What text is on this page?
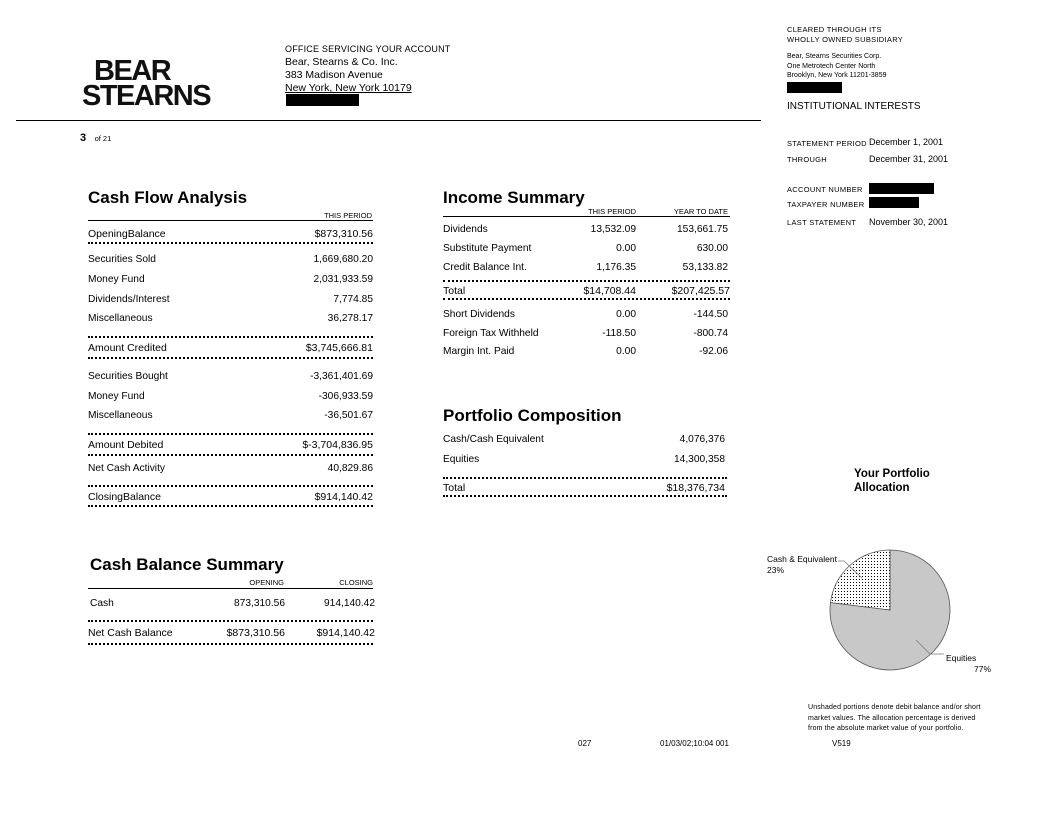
BEAR
STEARNS
OFFICE SERVICING YOUR ACCOUNT
Bear, Stearns & Co. Inc.
383 Madison Avenue
New York, New York 10179
3 of 21
CLEARED THROUGH ITS
WHOLLY OWNED SUBSIDIARY
Bear, Stearns Securities Corp.
One Metrotech Center North
Brooklyn, New York 11201-3859
INSTITUTIONAL INTERESTS
STATEMENT PERIOD December 1, 2001
THROUGH	December 31, 2001
ACCOUNT NUMBER
TAXPAYER NUMBER
LAST STATEMENT November 30, 2001
Cash Flow Analysis
THIS PERIOD
OpeningBalance	$873,310.56
Securities Sold	1,669,680.20
Money Fund	2,031,933.59
Dividends/Interest	7,774.85
Miscellaneous	36,278.17
Amount Credited	$3,745,666.81
Securities Bought	-3,361,401.69
Money Fund	-306,933.59
Miscellaneous	-36,501.67
Amount Debited	$-3,704,836.95
Net Cash Activity	40,829.86
ClosingBalance	$914,140.42
Income Summary
THIS PERIOD	YEAR TO DATE
Dividends	13,532.09	153,661.75
Substitute Payment	0.00	630.00
Credit Balance Int.	1,176.35	53,133.82
Total	$14,708.44	$207,425.57
Short Dividends	0.00	-144.50
Foreign Tax Withheld	-118.50	-800.74
Margin Int. Paid	0.00	-92.06
Portfolio Composition
Cash/Cash Equivalent	4,076,376
Equities	14,300,358
Total	$18,376,734
Cash Balance Summary
OPENING	CLOSING
Cash	873,310.56	914,140.42
Net Cash Balance	$873,310.56	$914,140.42
Your Portfolio
Allocation
Cash & Equivalent
23%
Equities
77%
Unshaded portions denote debit balance and/or short
market values. The allocation percentage is derived
from the absolute market value of your portfolio.
027	01/03/02;10:04 001	V519
